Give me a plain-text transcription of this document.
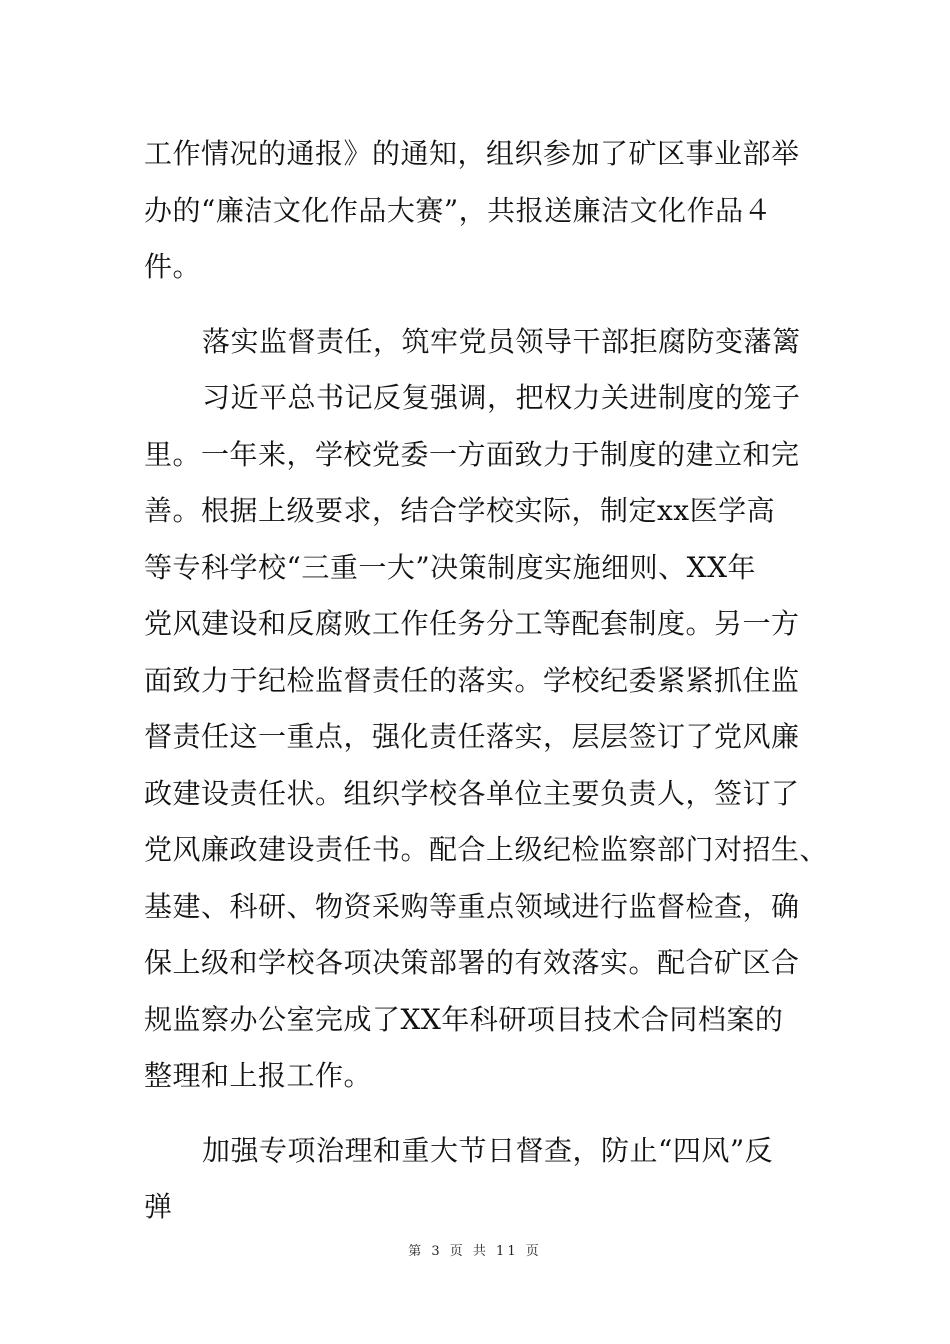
工作情况的通报》的通知，组织参加了矿区事业部举
办的“廉洁文化作品大赛”，共报送廉洁文化作品４
件。
落实监督责任，筑牢党员领导干部拒腐防变藩篱
习近平总书记反复强调，把权力关进制度的笼子
里。一年来，学校党委一方面致力于制度的建立和完
善。根据上级要求，结合学校实际，制定xx医学高
等专科学校“三重一大”决策制度实施细则、XX年
党风建设和反腐败工作任务分工等配套制度。另一方
面致力于纪检监督责任的落实。学校纪委紧紧抓住监
督责任这一重点，强化责任落实，层层签订了党风廉
政建设责任状。组织学校各单位主要负责人，签订了
党风廉政建设责任书。配合上级纪检监察部门对招生、
基建、科研、物资采购等重点领域进行监督检查，确
保上级和学校各项决策部署的有效落实。配合矿区合
规监察办公室完成了XX年科研项目技术合同档案的
整理和上报工作。
加强专项治理和重大节日督查，防止“四风”反
弹
第 3 页 共 11 页
